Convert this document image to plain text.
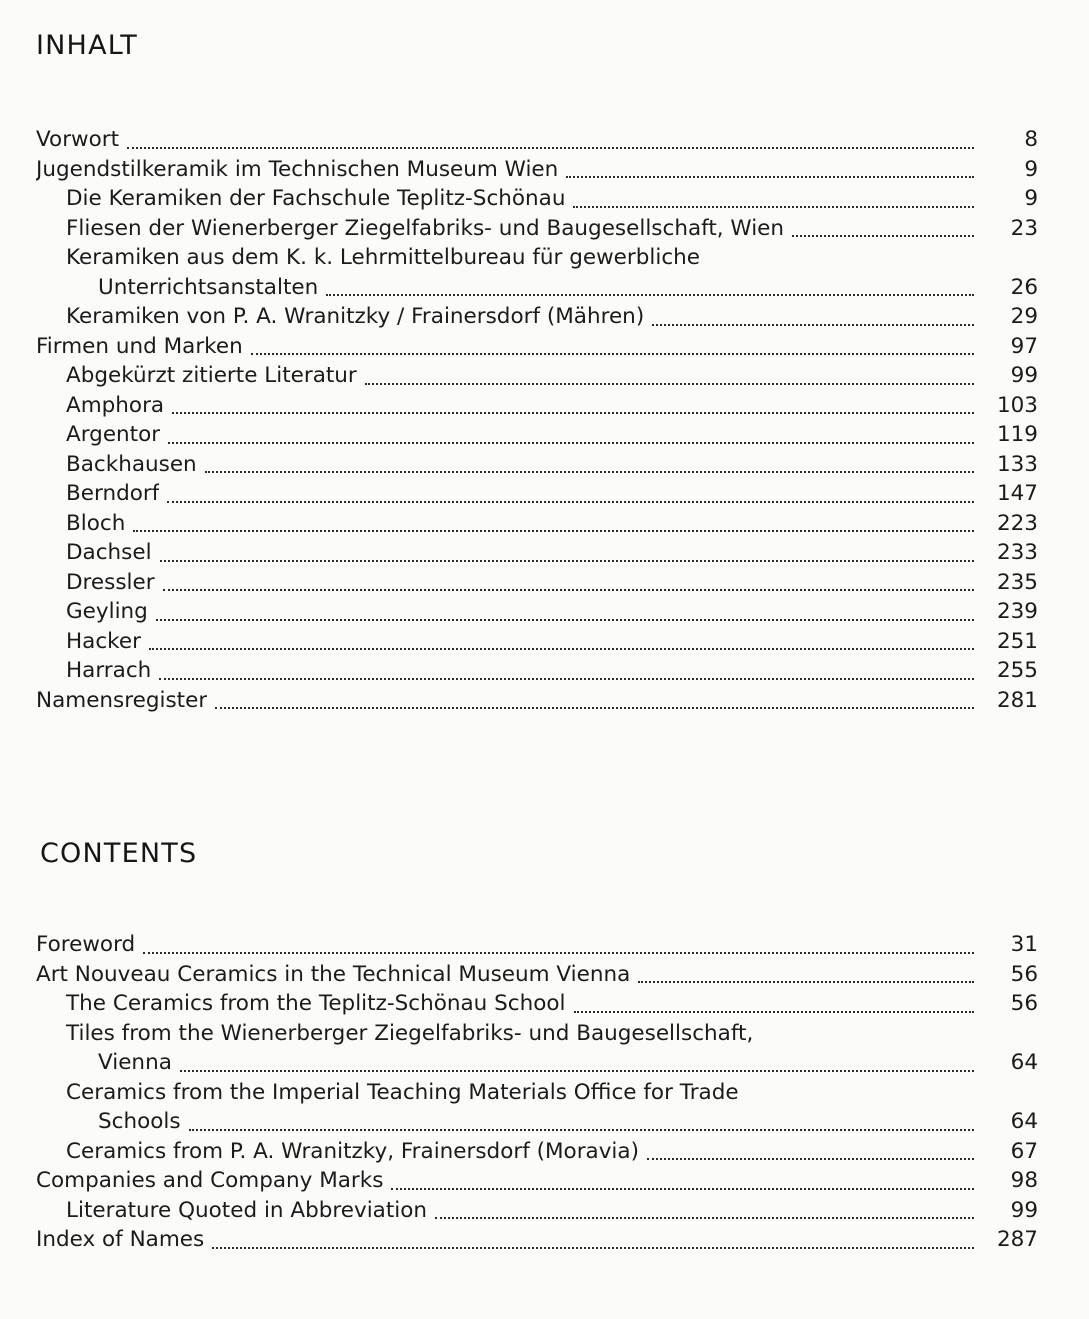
INHALT
Vorwort	8
Jugendstilkeramik im Technischen Museum Wien	9
Die Keramiken der Fachschule Teplitz-Schönau	9
Fliesen der Wienerberger Ziegelfabriks- und Baugesellschaft, Wien	23
Keramiken aus dem K. k. Lehrmittelbureau für gewerbliche
Unterrichtsanstalten	26
Keramiken von P. A. Wranitzky / Frainersdorf (Mähren)	29
Firmen und Marken	97
Abgekürzt zitierte Literatur	99
Amphora	103
Argentor	119
Backhausen	133
Berndorf	147
Bloch	223
Dachsel	233
Dressler	235
Geyling	239
Hacker	251
Harrach	255
Namensregister	281
CONTENTS
Foreword	31
Art Nouveau Ceramics in the Technical Museum Vienna	56
The Ceramics from the Teplitz-Schönau School	56
Tiles from the Wienerberger Ziegelfabriks- und Baugesellschaft,
Vienna	64
Ceramics from the Imperial Teaching Materials Office for Trade
Schools	64
Ceramics from P. A. Wranitzky, Frainersdorf (Moravia)	67
Companies and Company Marks	98
Literature Quoted in Abbreviation	99
Index of Names	287
